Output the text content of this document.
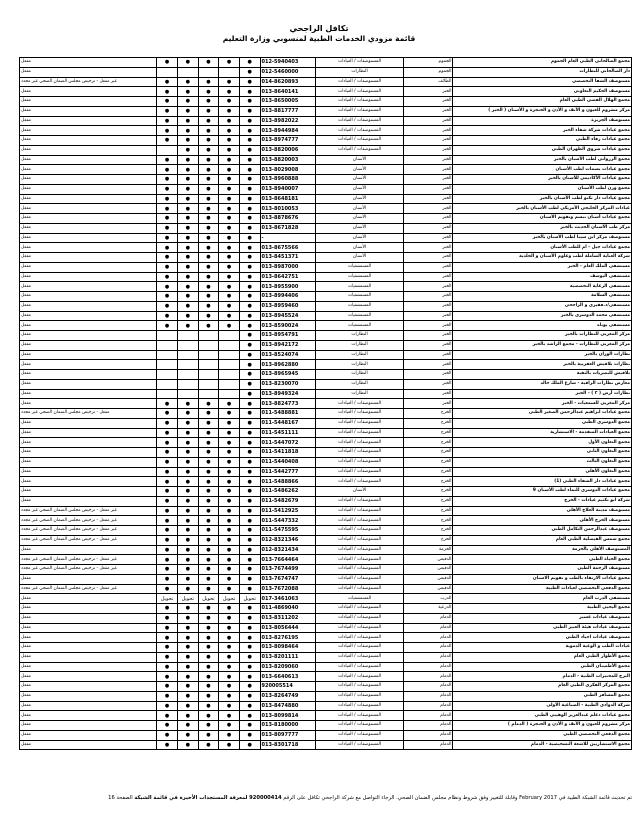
تكافل الراجحي
قائمة مزودي الخدمات الطبية لمنسوبي وزارة التعليم
مجمع الصالحاني الطبي العام الجموم	الجموم	المستوصفات / العيادات	012-5940403	●	●	●	●	●	مفعل
دار الصالحاني للنظارات	الجموم	النظارات	012-5460000	●					مفعل
مستوصف الشفا التخصصي	الطائف	المستوصفات / العيادات	014-8620893	●	●	●	●	●	غير مفعل - ترخيص مجلس الضمان الصحي غير مجدد
مستوصف الحكيم التعاوني	الخبر	المستوصفات / العيادات	013-8640141	●	●	●	●	●	مفعل
مجمع الهلال الفضي الطبي العام	الخبر	المستوصفات / العيادات	013-8650005	●	●	●	●	●	مفعل
مركز مشروم للعيون و الأنف و الأذن و الحنجرة و الأسنان ( الخبر )	الخبر	المستوصفات / العيادات	013-8817777	●	●	●	●	●	مفعل
مستوصف الجزيرة	الخبر	المستوصفات / العيادات	013-8982022	●	●	●	●	●	مفعل
مجمع عيادات شركة شفاء الخبر	الخبر	المستوصفات / العيادات	013-8944984	●	●	●	●	●	مفعل
مجمع عيادات رفاء الطبي	الخبر	المستوصفات / العيادات	013-8974777	●	●	●	●	●	مفعل
مجمع عيادات شروق الظهران الطبي	الخبر	المستوصفات / العيادات	013-8820006	●	●	●	●		مفعل
مجمع الزرواني لطب الأسنان بالخبر	الخبر	الأسنان	013-8820003	●	●	●	●	●	مفعل
مجمع عيادات بسمات لطب الأسنان	الخبر	الأسنان	013-8029008	●	●	●	●	●	مفعل
مجمع عيادات الأكاديمي للأسنان بالخبر	الخبر	الأسنان	013-8960888	●	●	●	●	●	مفعل
مجمع وزن لطب الأسنان	الخبر	الأسنان	013-8940007	●	●	●	●	●	مفعل
مجمع عيادات دار تكنو لطب الأسنان بالخبر	الخبر	الأسنان	013-8648181	●	●	●	●	●	مفعل
عيادات المركز الخليجي الأمريكي لطب الأسنان بالخبر	الخبر	الأسنان	013-8010053	●	●	●	●	●	مفعل
مجمع عيادات أسنان تبسم وتقويم الأسنان	الخبر	الأسنان	013-8878676	●	●	●	●	●	مفعل
مركز طب الأسنان الحديث بالخبر	الخبر	الأسنان	013-8671828	●	●	●	●	●	مفعل
مستوصف مركز ابن سينا لطب الأسنان بالخبر	الخبر	الأسنان	-	●	●	●	●	●	مفعل
مجمع عيادات جيل - ام للطب الأسنان	الخبر	الأسنان	013-8675566	●	●	●	●	●	مفعل
شركة العناية الشاملة لطب وعلوم الأسنان و الجلدية	الخبر	الأسنان	013-8451371	●	●	●	●	●	مفعل
مستشفى الملك العام - الخبر	الخبر	المستشفيات	013-8987000	●	●	●	●	●	مفعل
مستشفى اليوسف	الخبر	المستشفيات	013-8642751	●	●	●	●	●	مفعل
مستشفى الرعاية التخصصية	الخبر	المستشفيات	013-8955900	●	●	●	●	●	مفعل
مستشفى السلامة	الخبر	المستشفيات	013-8994406	●	●	●	●	●	مفعل
مستشفى/د.فقيري و الراجحي	الخبر	المستشفيات	013-8959460	●	●	●	●	●	مفعل
مستشفى محمد الدوسري بالخبر	الخبر	المستشفيات	013-8945524	●	●	●	●	●	مفعل
مستشفى يوناه	الخبر	المستشفيات	013-8590024	●	●	●	●	●	مفعل
مركز المغربي للنظارات بالخبر	الخبر	النظارات	013-8954791	●					مفعل
مركز المغربي للنظارات - مجمع الراشد بالخبر	الخبر	النظارات	013-8942172	●					مفعل
نظارات الوزان بالخبر	الخبر	النظارات	013-8524074	●					مفعل
نظارات بلاقيش العقربية بالخبر	الخبر	النظارات	013-8962880	●					مفعل
بلاقيش للبصريات بالثقبة	الخبر	النظارات	013-8965945	●					مفعل
معارض نظارات الراقية - شارع الملك خالد	الخبر	النظارات	013-8230070	●					مفعل
نظارات أرض ( ٢ ) - الخبر	الخبر	النظارات	013-8949324	●					مفعل
مركز المغربي للسمعيات - الخبر	الخبر	المستوصفات / العيادات	013-8824773	●	●	●	●	●	مفعل
مجمع عيادات ابراهيم عبدالرحمن الصغير الطبي	الخرج	المستوصفات / العيادات	011-5488881	●	●	●	●	●	مفعل - ترخيص مجلس الضمان الصحي غير مجدد
مجمع الدوسري الطبي	الخرج	المستوصفات / العيادات	011-5448167	●	●	●	●	●	مفعل
مجمع العيادات المتقدمة - الاستشارية	الخرج	المستوصفات / العيادات	011-5451111	●	●	●	●	●	مفعل
مجمع التعاون الأول	الخرج	المستوصفات / العيادات	011-5447072	●	●	●	●	●	مفعل
مجمع التعاون الثاني	الخرج	المستوصفات / العيادات	011-5411818	●	●	●	●	●	مفعل
مجمع التعاون الثالث	الخرج	المستوصفات / العيادات	011-5440408	●	●	●	●	●	مفعل
مجمع التعاون الأهلي	الخرج	المستوصفات / العيادات	011-5442777	●	●	●	●	●	مفعل
مجمع عيادات دار الشفاء الطبي (1)	الخرج	المستوصفات / العيادات	011-5488866	●	●	●	●	●	مفعل
مجمع عيادات الدوسري للنماء لطب الأسنان 9	الخرج	الأسنان	011-5486262	●	●	●	●	●	مفعل
شركة ابو تكثيم عيادات - الخرج	الخرج	المستوصفات / العيادات	011-5482679	●	●	●	●	●	مفعل
مستوصف مدينة العلاج الأهلي	الخرج	المستوصفات / العيادات	011-5412925	●	●	●	●	●	غير مفعل - ترخيص مجلس الضمان الصحي غير مجدد
مستوصف الخرج الأهلي	الخرج	المستوصفات / العيادات	011-5447332	●	●	●	●	●	غير مفعل - ترخيص مجلس الضمان الصحي غير مجدد
مستوصف عبدالرحمن التكامل الطبي	الخرج	المستوصفات / العيادات	011-5475595	●	●	●	●	●	غير مفعل - ترخيص مجلس الضمان الصحي غير مجدد
مجمع شمس الفيصلية الطبي العام	الخرج	المستوصفات / العيادات	012-8321346	●	●	●	●	●	غير مفعل - ترخيص مجلس الضمان الصحي غير مجدد
المستوصف الأهلي بالخرمة	الخرمة	المستوصفات / العيادات	012-8321434	●	●	●	●	●	مفعل
مجمع الحياة الطبي	الدفيعي	المستوصفات / العيادات	013-7664464	●	●	●	●	●	غير مفعل - ترخيص مجلس الضمان الصحي غير مجدد
مستوصف الرحمة الطبي	الدفيعي	المستوصفات / العيادات	013-7674499	●	●	●	●	●	غير مفعل - ترخيص مجلس الضمان الصحي غير مجدد
مجمع عيادات الارتقاء بالطب و تقويم الاسنان	الدفيعي	المستوصفات / العيادات	013-7674747	●	●	●	●	●	مفعل
مجمع الدفعي التخصصي لعيادات الطبية	الدفيعي	المستوصفات / العيادات	013-7672088	●	●	●	●	●	غير مفعل - ترخيص مجلس الضمان الصحي غير مجدد
مستشفى الدرب العام	الدرب	المستشفيات	017-3461063	تحويل	تحويل	تحويل	تحويل	تحويل	مفعل
مجمع اليحيى الطبية	الدرعية	المستوصفات / العيادات	011-4869040	●	●	●	●	●	مفعل
مستوصف عيادات عسير	الدمام	المستوصفات / العيادات	013-8311202	●	●	●	●	●	مفعل
مستوصف عيادات هيئة العبير الطبي	الدمام	المستوصفات / العيادات	013-8056444	●	●	●	●	●	مفعل
مستوصف عيادات اجياد الطبي	الدمام	المستوصفات / العيادات	013-8276195	●	●	●	●	●	مفعل
عيادات الطب و الوعية الدموية	الدمام	المستوصفات / العيادات	013-8098464	●	●	●	●	●	مفعل
مجمع الأطوار الطبي العام	الدمام	المستوصفات / العيادات	013-8201111	●	●	●	●	●	مفعل
مجمع الأطمينان الطبي	الدمام	المستوصفات / العيادات	013-8209060	●	●	●	●	●	مفعل
البرج للمختبرات الطبية - الدمام	الدمام	المستوصفات / العيادات	013-6640613	●	●	●	●	●	مفعل
مجمع المركز الفكري الطبي العام	الدمام	المستوصفات / العيادات	920005514	●	●	●	●	●	مفعل
مجمع المسافر الطبي	الدمام	المستوصفات / العيادات	013-8264749	●	●	●	●	●	مفعل
شركة الدوادي الطبية - الصناعية الأولى	الدمام	المستوصفات / العيادات	013-8474880	●	●	●	●	●	مفعل
مجمع عيادات دعلم عبدالعزيز الوهيبي الطبي	الدمام	المستوصفات / العيادات	013-8099814	●	●	●	●	●	مفعل
مركز مشروم للعيون و الأنف و الأذن و الحنجرة ( الدمام )	الدمام	المستوصفات / العيادات	013-8180000	●	●	●	●	●	مفعل
مجمع الدفعي التخصصي الطبي	الدمام	المستوصفات / العيادات	013-8097777	●	●	●	●	●	مفعل
مجمع الاستشاريين للاشعة التشخيصية - الدمام	الدمام	المستوصفات / العيادات	013-8301718	●	●	●	●	●	مفعل
تم تحديث قائمة الشبكة الطبية في February 2017 وقابلة للتغيير وفق شروط ونظام مجلس الضمان الصحي. الرجاء التواصل مع شركة الراجحي تكافل على الرقم 920000414 لمعرفة المستجدات الأخيرة في قائمة الشبكة الصفحة 16
